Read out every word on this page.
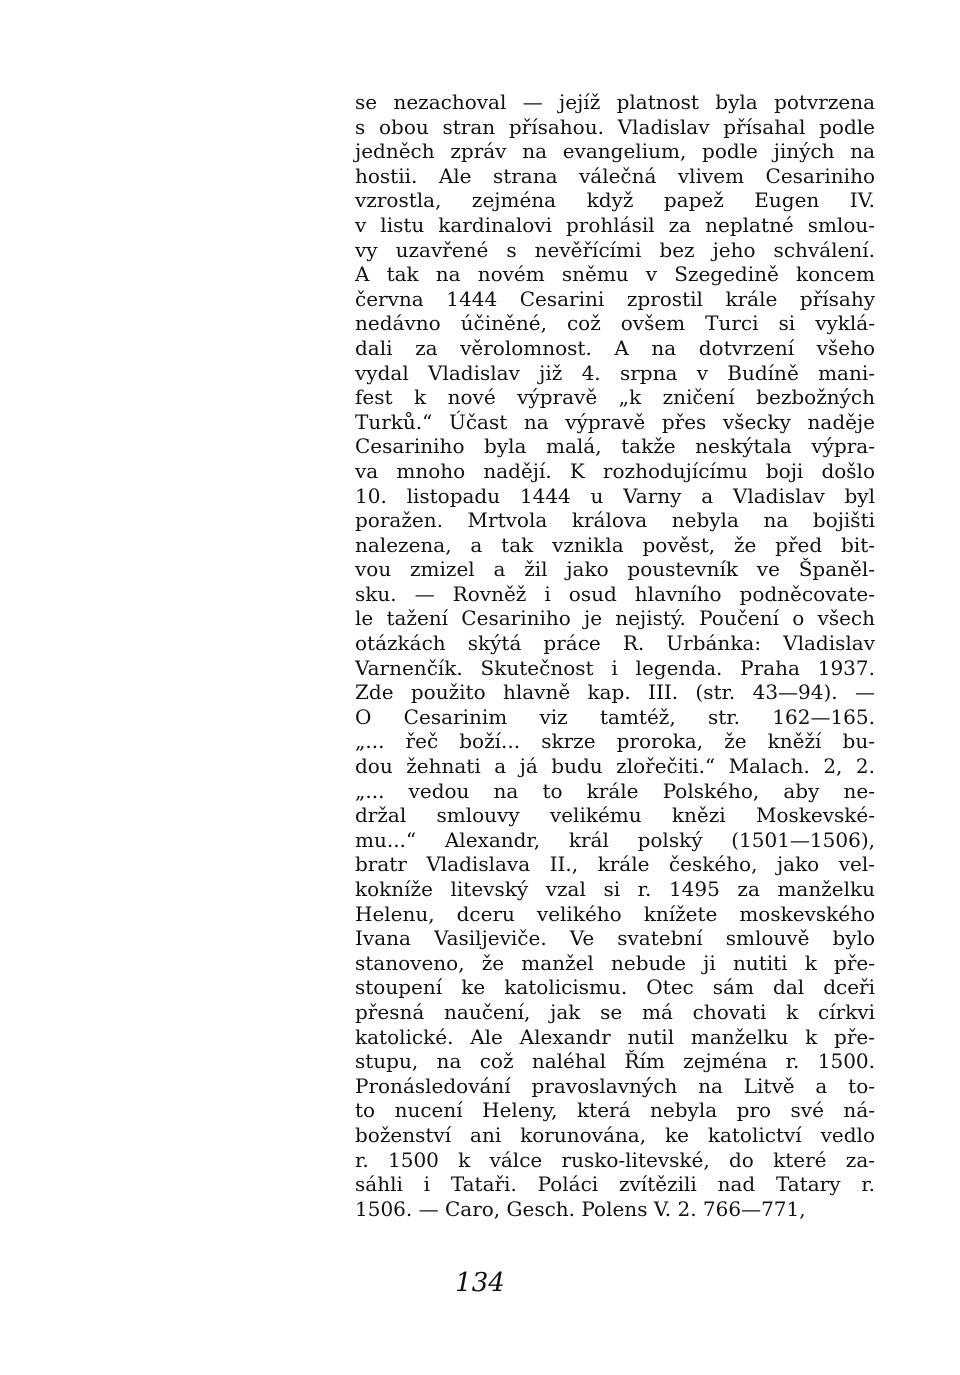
se nezachoval — jejíž platnost byla potvrzena
s obou stran přísahou. Vladislav přísahal podle
jedněch zpráv na evangelium, podle jiných na
hostii. Ale strana válečná vlivem Cesariniho
vzrostla, zejména když papež Eugen IV.
v listu kardinalovi prohlásil za neplatné smlou-
vy uzavřené s nevěřícími bez jeho schválení.
A tak na novém sněmu v Szegedině koncem
června 1444 Cesarini zprostil krále přísahy
nedávno účiněné, což ovšem Turci si vyklá-
dali za věrolomnost. A na dotvrzení všeho
vydal Vladislav již 4. srpna v Budíně mani-
fest k nové výpravě „k zničení bezbožných
Turků.“ Účast na výpravě přes všecky naděje
Cesariniho byla malá, takže neskýtala výpra-
va mnoho nadějí. K rozhodujícímu boji došlo
10. listopadu 1444 u Varny a Vladislav byl
poražen. Mrtvola králova nebyla na bojišti
nalezena, a tak vznikla pověst, že před bit-
vou zmizel a žil jako poustevník ve Španěl-
sku. — Rovněž i osud hlavního podněcovate-
le tažení Cesariniho je nejistý. Poučení o všech
otázkách skýtá práce R. Urbánka: Vladislav
Varnenčík. Skutečnost i legenda. Praha 1937.
Zde použito hlavně kap. III. (str. 43—94). —
O Cesarinim viz tamtéž, str. 162—165.
„... řeč boží... skrze proroka, že kněží bu-
dou žehnati a já budu zlořečiti.“ Malach. 2, 2.
„... vedou na to krále Polského, aby ne-
držal smlouvy velikému knězi Moskevské-
mu...“ Alexandr, král polský (1501—1506),
bratr Vladislava II., krále českého, jako vel-
kokníže litevský vzal si r. 1495 za manželku
Helenu, dceru velikého knížete moskevského
Ivana Vasiljeviče. Ve svatební smlouvě bylo
stanoveno, že manžel nebude ji nutiti k pře-
stoupení ke katolicismu. Otec sám dal dceři
přesná naučení, jak se má chovati k církvi
katolické. Ale Alexandr nutil manželku k pře-
stupu, na což naléhal Řím zejména r. 1500.
Pronásledování pravoslavných na Litvě a to-
to nucení Heleny, která nebyla pro své ná-
boženství ani korunována, ke katolictví vedlo
r. 1500 k válce rusko-litevské, do které za-
sáhli i Tataři. Poláci zvítězili nad Tatary r.
1506. — Caro, Gesch. Polens V. 2. 766—771,
134
